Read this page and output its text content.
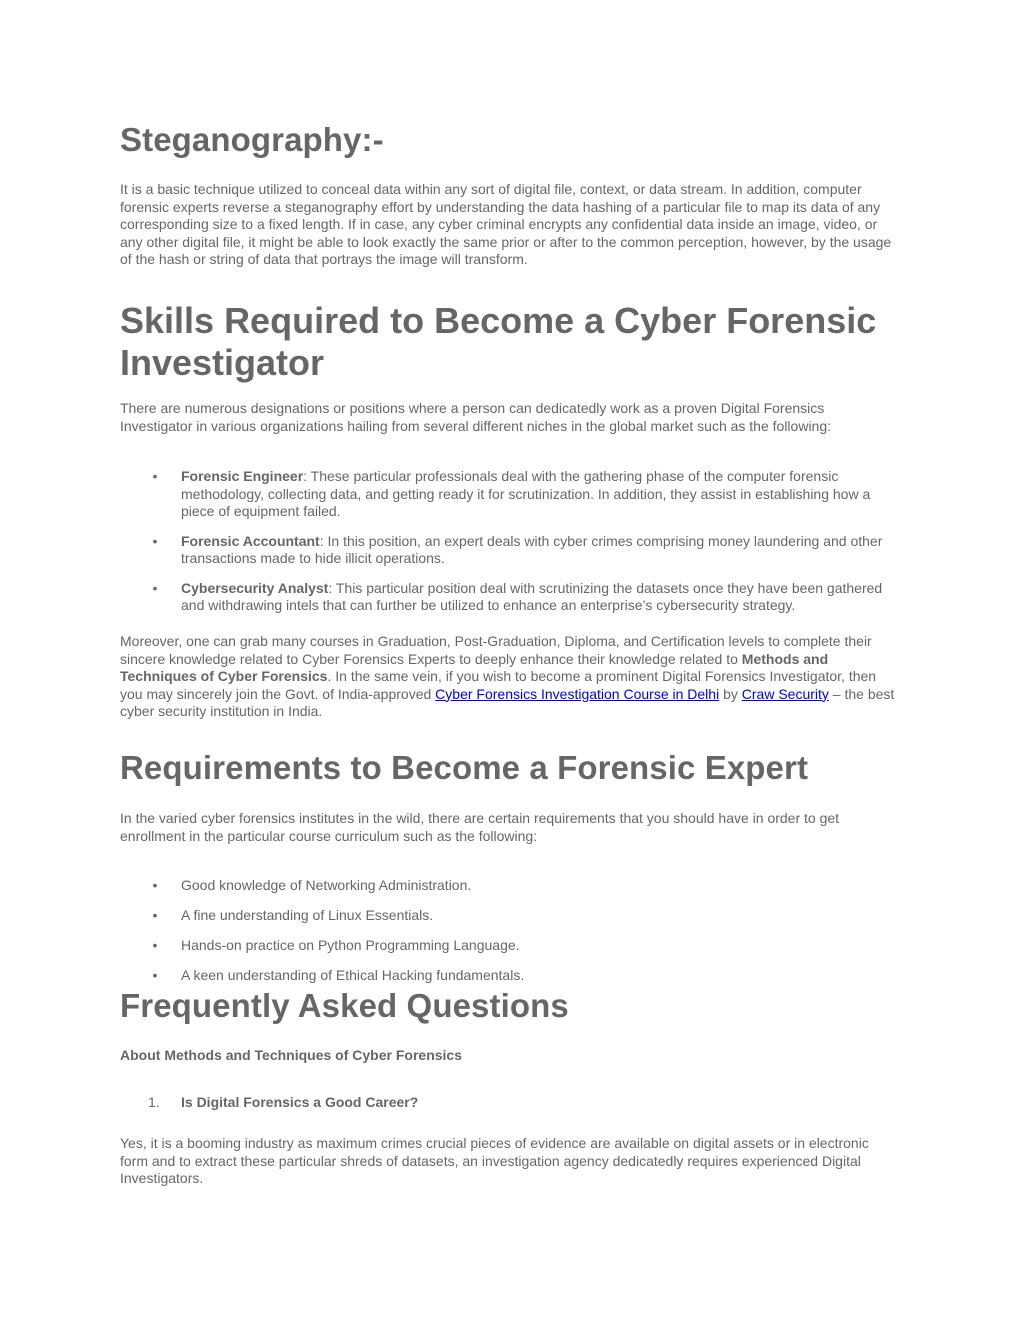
Steganography:-

It is a basic technique utilized to conceal data within any sort of digital file, context, or data stream. In addition, computer forensic experts reverse a steganography effort by understanding the data hashing of a particular file to map its data of any corresponding size to a fixed length. If in case, any cyber criminal encrypts any confidential data inside an image, video, or any other digital file, it might be able to look exactly the same prior or after to the common perception, however, by the usage of the hash or string of data that portrays the image will transform.

Skills Required to Become a Cyber Forensic Investigator

There are numerous designations or positions where a person can dedicatedly work as a proven Digital Forensics Investigator in various organizations hailing from several different niches in the global market such as the following:

• Forensic Engineer: These particular professionals deal with the gathering phase of the computer forensic methodology, collecting data, and getting ready it for scrutinization. In addition, they assist in establishing how a piece of equipment failed.
• Forensic Accountant: In this position, an expert deals with cyber crimes comprising money laundering and other transactions made to hide illicit operations.
• Cybersecurity Analyst: This particular position deal with scrutinizing the datasets once they have been gathered and withdrawing intels that can further be utilized to enhance an enterprise’s cybersecurity strategy.

Moreover, one can grab many courses in Graduation, Post-Graduation, Diploma, and Certification levels to complete their sincere knowledge related to Cyber Forensics Experts to deeply enhance their knowledge related to Methods and Techniques of Cyber Forensics. In the same vein, if you wish to become a prominent Digital Forensics Investigator, then you may sincerely join the Govt. of India-approved Cyber Forensics Investigation Course in Delhi by Craw Security – the best cyber security institution in India.

Requirements to Become a Forensic Expert

In the varied cyber forensics institutes in the wild, there are certain requirements that you should have in order to get enrollment in the particular course curriculum such as the following:

• Good knowledge of Networking Administration.
• A fine understanding of Linux Essentials.
• Hands-on practice on Python Programming Language.
• A keen understanding of Ethical Hacking fundamentals.
Frequently Asked Questions

About Methods and Techniques of Cyber Forensics

1. Is Digital Forensics a Good Career?

Yes, it is a booming industry as maximum crimes crucial pieces of evidence are available on digital assets or in electronic form and to extract these particular shreds of datasets, an investigation agency dedicatedly requires experienced Digital Investigators.
